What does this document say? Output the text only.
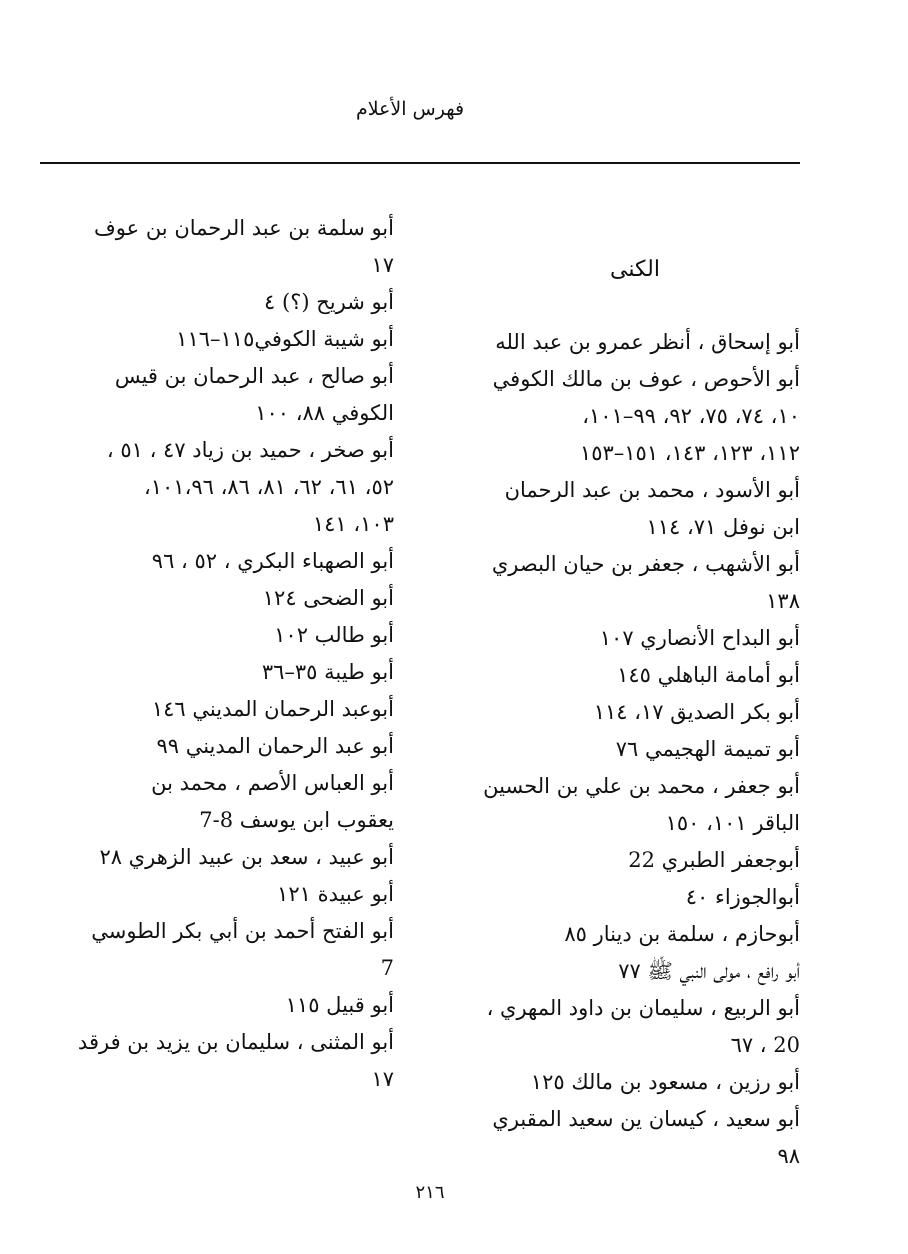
فهرس الأعلام
الكنى
أبو إسحاق ، أنظر عمرو بن عبد الله
أبو الأحوص ، عوف بن مالك الكوفي
١٠، ٧٤، ٧٥، ٩٢، ٩٩–١٠١،
١١٢، ١٢٣، ١٤٣، ١٥١–١٥٣
أبو الأسود ، محمد بن عبد الرحمان
ابن نوفل ٧١، ١١٤
أبو الأشهب ، جعفر بن حيان البصري
١٣٨
أبو البداح الأنصاري ١٠٧
أبو أمامة الباهلي ١٤٥
أبو بكر الصديق ١٧، ١١٤
أبو تميمة الهجيمي ٧٦
أبو جعفر ، محمد بن علي بن الحسين
الباقر ١٠١، ١٥٠
أبوجعفر الطبري 22
أبوالجوزاء ٤٠
أبوحازم ، سلمة بن دينار ٨٥
أبو رافع ، مولى النبي ﷺ ٧٧
أبو الربيع ، سليمان بن داود المهري ،
20 ، ٦٧
أبو رزين ، مسعود بن مالك ١٢٥
أبو سعيد ، كيسان ين سعيد المقبري
٩٨
أبو سلمة بن عبد الرحمان بن عوف
١٧
أبو شريح (؟) ٤
أبو شيبة الكوفي١١٥–١١٦
أبو صالح ، عبد الرحمان بن قيس
الكوفي ٨٨، ١٠٠
أبو صخر ، حميد بن زياد ٤٧ ، ٥١ ،
٥٢، ٦١، ٦٢، ٨١، ٨٦، ١٠١،٩٦،
١٠٣، ١٤١
أبو الصهباء البكري ، ٥٢ ، ٩٦
أبو الضحى ١٢٤
أبو طالب ١٠٢
أبو طيبة ٣٥–٣٦
أبوعبد الرحمان المديني ١٤٦
أبو عبد الرحمان المديني ٩٩
أبو العباس الأصم ، محمد بن
يعقوب ابن يوسف 8-7
أبو عبيد ، سعد بن عبيد الزهري ٢٨
أبو عبيدة ١٢١
أبو الفتح أحمد بن أبي بكر الطوسي
7
أبو قبيل ١١٥
أبو المثنى ، سليمان بن يزيد بن فرقد
١٧
٢١٦
